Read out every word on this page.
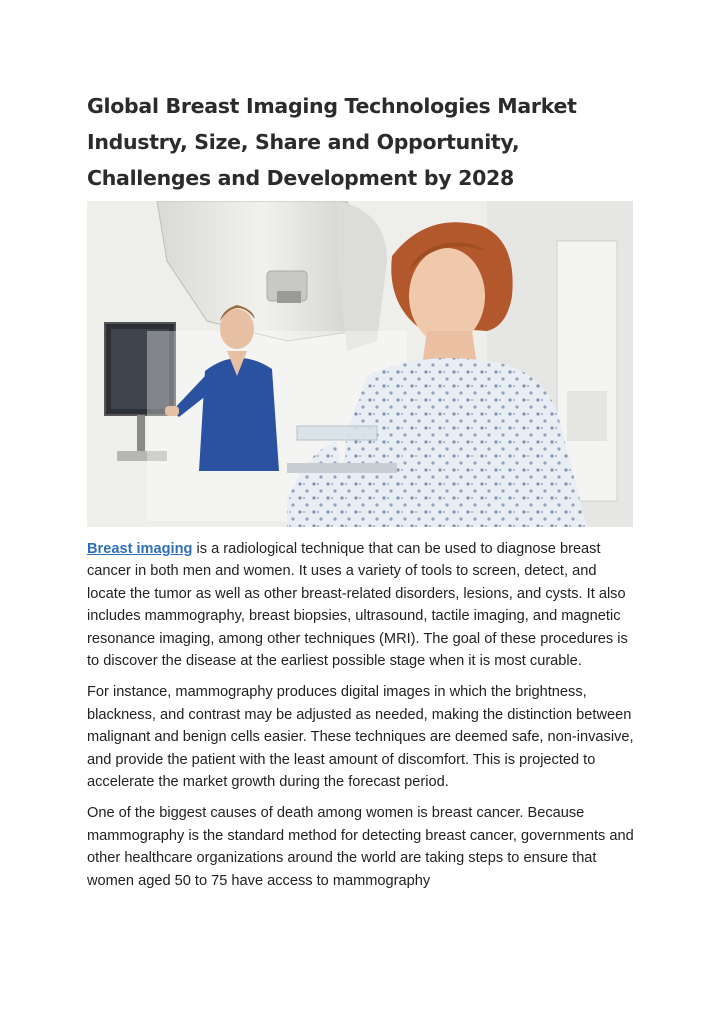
Global Breast Imaging Technologies Market Industry, Size, Share and Opportunity, Challenges and Development by 2028

Breast imaging is a radiological technique that can be used to diagnose breast cancer in both men and women. It uses a variety of tools to screen, detect, and locate the tumor as well as other breast-related disorders, lesions, and cysts. It also includes mammography, breast biopsies, ultrasound, tactile imaging, and magnetic resonance imaging, among other techniques (MRI). The goal of these procedures is to discover the disease at the earliest possible stage when it is most curable.

For instance, mammography produces digital images in which the brightness, blackness, and contrast may be adjusted as needed, making the distinction between malignant and benign cells easier. These techniques are deemed safe, non-invasive, and provide the patient with the least amount of discomfort. This is projected to accelerate the market growth during the forecast period.

One of the biggest causes of death among women is breast cancer. Because mammography is the standard method for detecting breast cancer, governments and other healthcare organizations around the world are taking steps to ensure that women aged 50 to 75 have access to mammography
